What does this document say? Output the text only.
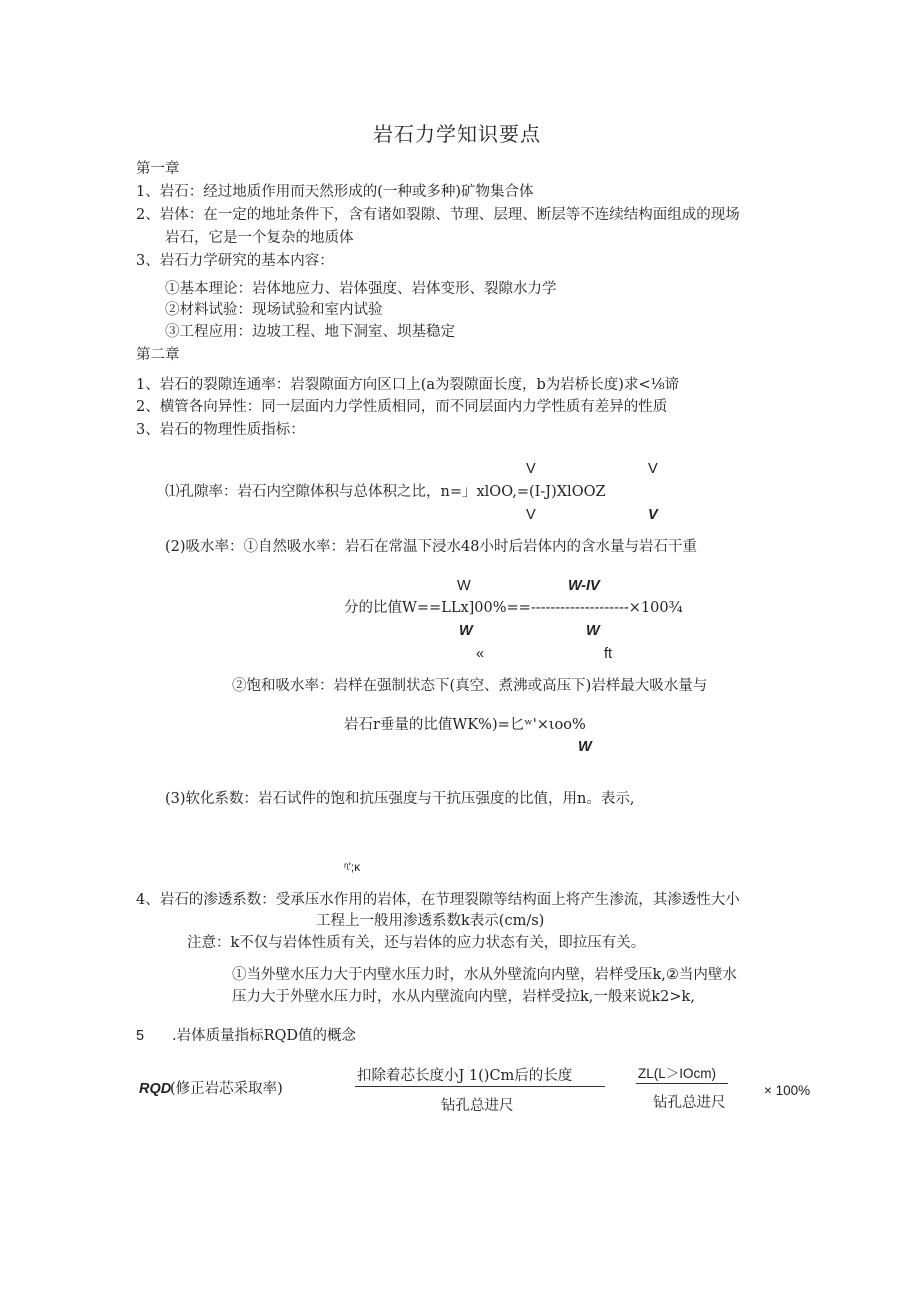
岩石力学知识要点
第一章
1、岩石：经过地质作用而天然形成的(一种或多种)矿物集合体
2、岩体：在一定的地址条件下，含有诸如裂隙、节理、层理、断层等不连续结构面组成的现场
岩石，它是一个复杂的地质体
3、岩石力学研究的基本内容：
①基本理论：岩体地应力、岩体强度、岩体变形、裂隙水力学
②材料试验：现场试验和室内试验
③工程应用：边坡工程、地下洞室、坝基稳定
第二章
1、岩石的裂隙连通率：岩裂隙面方向区口上(a为裂隙面长度，b为岩桥长度)求<⅛谛
2、横管各向异性：同一层面内力学性质相同，而不同层面内力学性质有差异的性质
3、岩石的物理性质指标：
V	V
⑴孔隙率：岩石内空隙体积与总体积之比，n=」xlOO,=(I-J)XlOOZ
V	V
(2)吸水率：①自然吸水率：岩石在常温下浸水48小时后岩体内的含水量与岩石干重
W	W-IV
分的比值W==LLx]00%==--------------------×100¾
W	W
«	ft
②饱和吸水率：岩样在强制状态下(真空、煮沸或高压下)岩样最大吸水量与
岩石r垂量的比值WK%)=匕ʷ'×ιoo%
W
(3)软化系数：岩石试件的饱和抗压强度与干抗压强度的比值，用n。表示,
ᶯ';κ
4、岩石的渗透系数：受承压水作用的岩体，在节理裂隙等结构面上将产生渗流，其渗透性大小
工程上一般用渗透系数k表示(cm∕s)
注意：k不仅与岩体性质有关，还与岩体的应力状态有关，即拉压有关。
①当外壁水压力大于内壁水压力时，水从外壁流向内壁，岩样受压k,②当内壁水
压力大于外壁水压力时，水从内壁流向内壁，岩样受拉k,一般来说k2>k,
5 .岩体质量指标RQD值的概念
RQD
(修正岩芯采取率)
扣除着芯长度小J 1()Cm后的长度
钻孔总进尺
ZL(L＞IOcm)
钻孔总进尺
× 100%
